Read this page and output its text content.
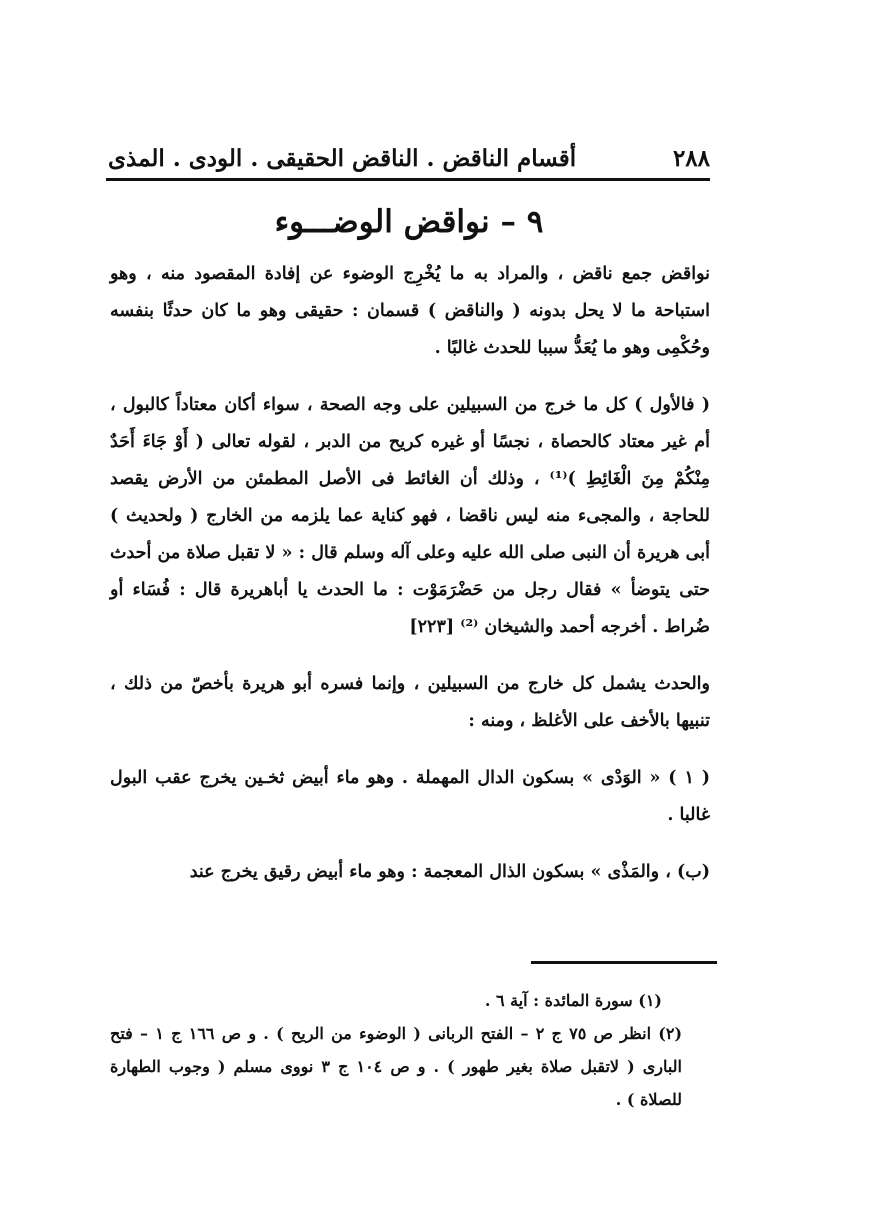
٢٨٨
أقسام الناقض . الناقض الحقيقى . الودى . المذى
٩ – نواقض الوضـــوء

نواقض جمع ناقض ، والمراد به ما يُخْرِج الوضوء عن إفادة المقصود منه ، وهو استباحة ما لا يحل بدونه ( والناقض ) قسمان : حقيقى وهو ما كان حدثًا بنفسه وحُكْمِى وهو ما يُعَدُّ سببا للحدث غالبًا .

( فالأول ) كل ما خرج من السبيلين على وجه الصحة ، سواء أكان معتاداً كالبول ، أم غير معتاد كالحصاة ، نجسًا أو غيره كريح من الدبر ، لقوله تعالى ( أَوْ جَاءَ أَحَدٌ مِنْكُمْ مِنَ الْغَائِطِ )⁽¹⁾ ، وذلك أن الغائط فى الأصل المطمئن من الأرض يقصد للحاجة ، والمجىء منه ليس ناقضا ، فهو كناية عما يلزمه من الخارج ( ولحديث ) أبى هريرة أن النبى صلى الله عليه وعلى آله وسلم قال : « لا تقبل صلاة من أحدث حتى يتوضأ » فقال رجل من حَضْرَمَوْت : ما الحدث يا أباهريرة قال : فُسَاء أو ضُراط . أخرجه أحمد والشيخان ⁽²⁾ [٢٢٣]

والحدث يشمل كل خارج من السبيلين ، وإنما فسره أبو هريرة بأخصّ من ذلك ، تنبيها بالأخف على الأغلظ ، ومنه :

( ١ ) « الوَدْى » بسكون الدال المهملة . وهو ماء أبيض ثخـين يخرج عقب البول غالبا .

(ب) ، والمَذْى » بسكون الذال المعجمة : وهو ماء أبيض رقيق يخرج عند

(١) سورة المائدة : آية ٦ .

(٢) انظر ص ٧٥ ج ٢ – الفتح الربانى ( الوضوء من الريح ) . و ص ١٦٦ ج ١ – فتح البارى ( لاتقبل صلاة بغير طهور ) . و ص ١٠٤ ج ٣ نووى مسلم ( وجوب الطهارة للصلاة ) .
